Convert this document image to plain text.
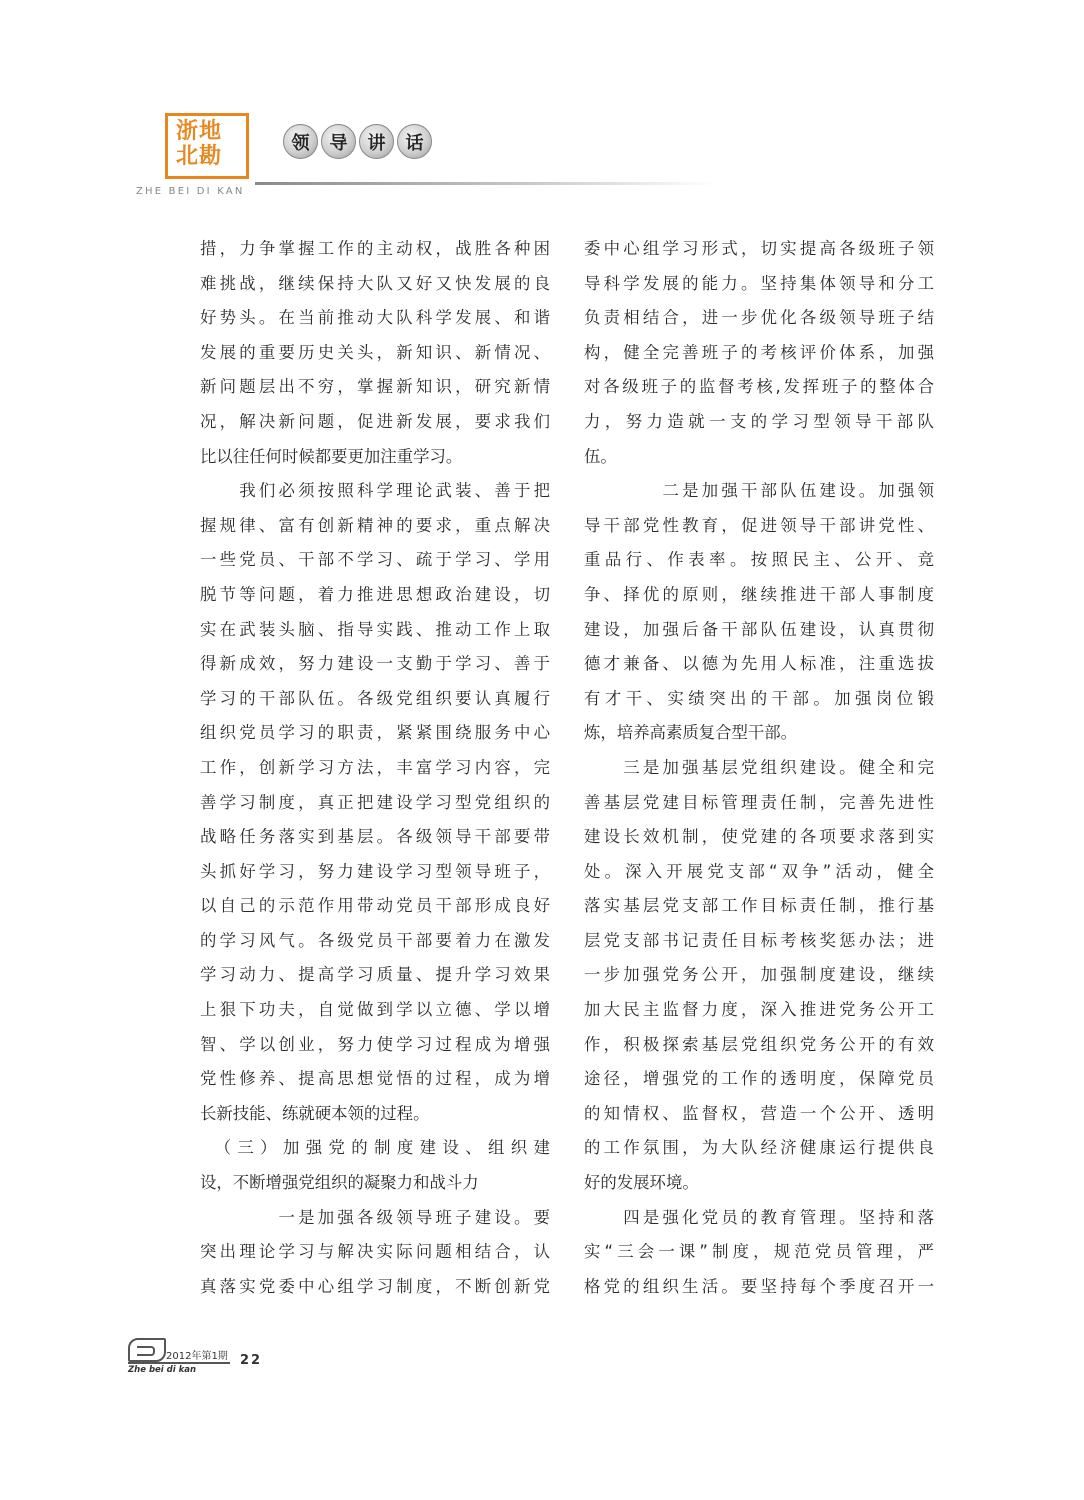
浙地
北勘
ZHE BEI DI KAN
领	导	讲	话
措，力争掌握工作的主动权，战胜各种困
难挑战，继续保持大队又好又快发展的良
好势头。在当前推动大队科学发展、和谐
发展的重要历史关头，新知识、新情况、
新问题层出不穷，掌握新知识，研究新情
况，解决新问题，促进新发展，要求我们
比以往任何时候都要更加注重学习。
　　我们必须按照科学理论武装、善于把
握规律、富有创新精神的要求，重点解决
一些党员、干部不学习、疏于学习、学用
脱节等问题，着力推进思想政治建设，切
实在武装头脑、指导实践、推动工作上取
得新成效，努力建设一支勤于学习、善于
学习的干部队伍。各级党组织要认真履行
组织党员学习的职责，紧紧围绕服务中心
工作，创新学习方法，丰富学习内容，完
善学习制度，真正把建设学习型党组织的
战略任务落实到基层。各级领导干部要带
头抓好学习，努力建设学习型领导班子，
以自己的示范作用带动党员干部形成良好
的学习风气。各级党员干部要着力在激发
学习动力、提高学习质量、提升学习效果
上狠下功夫，自觉做到学以立德、学以增
智、学以创业，努力使学习过程成为增强
党性修养、提高思想觉悟的过程，成为增
长新技能、练就硬本领的过程。
　（三）加强党的制度建设、组织建
设，不断增强党组织的凝聚力和战斗力
　　　　一是加强各级领导班子建设。要
突出理论学习与解决实际问题相结合，认
真落实党委中心组学习制度，不断创新党
委中心组学习形式，切实提高各级班子领
导科学发展的能力。坚持集体领导和分工
负责相结合，进一步优化各级领导班子结
构，健全完善班子的考核评价体系，加强
对各级班子的监督考核,发挥班子的整体合
力，努力造就一支的学习型领导干部队
伍。
　　　　二是加强干部队伍建设。加强领
导干部党性教育，促进领导干部讲党性、
重品行、作表率。按照民主、公开、竞
争、择优的原则，继续推进干部人事制度
建设，加强后备干部队伍建设，认真贯彻
德才兼备、以德为先用人标准，注重选拔
有才干、实绩突出的干部。加强岗位锻
炼，培养高素质复合型干部。
　　三是加强基层党组织建设。健全和完
善基层党建目标管理责任制，完善先进性
建设长效机制，使党建的各项要求落到实
处。深入开展党支部“双争”活动，健全
落实基层党支部工作目标责任制，推行基
层党支部书记责任目标考核奖惩办法；进
一步加强党务公开，加强制度建设，继续
加大民主监督力度，深入推进党务公开工
作，积极探索基层党组织党务公开的有效
途径，增强党的工作的透明度，保障党员
的知情权、监督权，营造一个公开、透明
的工作氛围，为大队经济健康运行提供良
好的发展环境。
　　四是强化党员的教育管理。坚持和落
实“三会一课”制度，规范党员管理，严
格党的组织生活。要坚持每个季度召开一
2012年第1期
Zhe bei di kan
22
